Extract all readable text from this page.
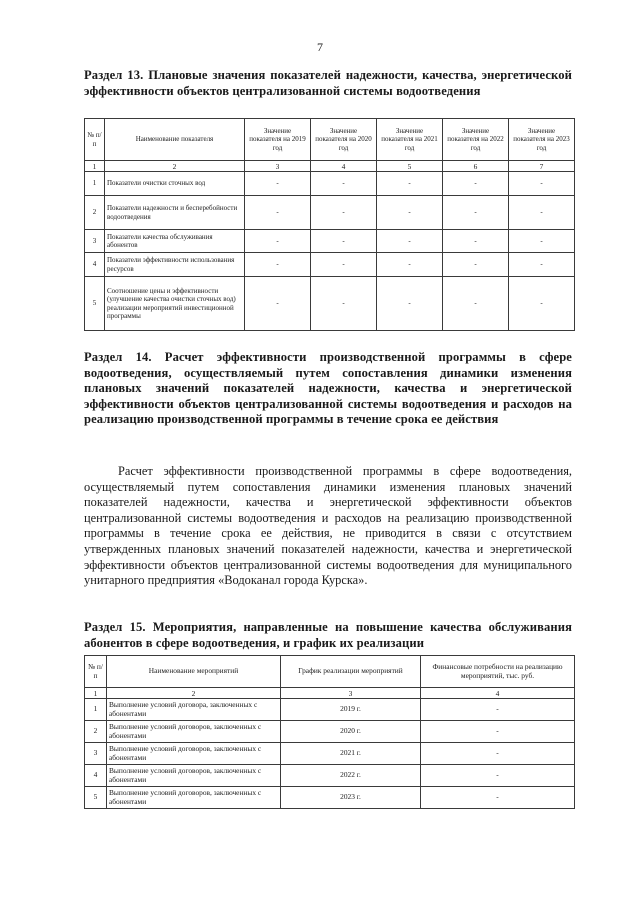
7
Раздел 13. Плановые значения показателей надежности, качества, энергетической эффективности объектов централизованной системы водоотведения
№ п/п	Наименование показателя	Значение показателя на 2019 год	Значение показателя на 2020 год	Значение показателя на 2021 год	Значение показателя на 2022 год	Значение показателя на 2023 год
1	2	3	4	5	6	7
1	Показатели очистки сточных вод	-	-	-	-	-
2	Показатели надежности и бесперебойности водоотведения	-	-	-	-	-
3	Показатели качества обслуживания абонентов	-	-	-	-	-
4	Показатели эффективности использования ресурсов	-	-	-	-	-
5	Соотношение цены и эффективности (улучшение качества очистки сточных вод) реализации мероприятий инвестиционной программы	-	-	-	-	-
Раздел 14. Расчет эффективности производственной программы в сфере водоотведения, осуществляемый путем сопоставления динамики изменения плановых значений показателей надежности, качества и энергетической эффективности объектов централизованной системы водоотведения и расходов на реализацию производственной программы в течение срока ее действия
Расчет эффективности производственной программы в сфере водоотведения, осуществляемый путем сопоставления динамики изменения плановых значений показателей надежности, качества и энергетической эффективности объектов централизованной системы водоотведения и расходов на реализацию производственной программы в течение срока ее действия, не приводится в связи с отсутствием утвержденных плановых значений показателей надежности, качества и энергетической эффективности объектов централизованной системы водоотведения для муниципального унитарного предприятия «Водоканал города Курска».
Раздел 15. Мероприятия, направленные на повышение качества обслуживания абонентов в сфере водоотведения, и график их реализации
№ п/п	Наименование мероприятий	График реализации мероприятий	Финансовые потребности на реализацию мероприятий, тыс. руб.
1	2	3	4
1	Выполнение условий договора, заключенных с абонентами	2019 г.	-
2	Выполнение условий договоров, заключенных с абонентами	2020 г.	-
3	Выполнение условий договоров, заключенных с абонентами	2021 г.	-
4	Выполнение условий договоров, заключенных с абонентами	2022 г.	-
5	Выполнение условий договоров, заключенных с абонентами	2023 г.	-
